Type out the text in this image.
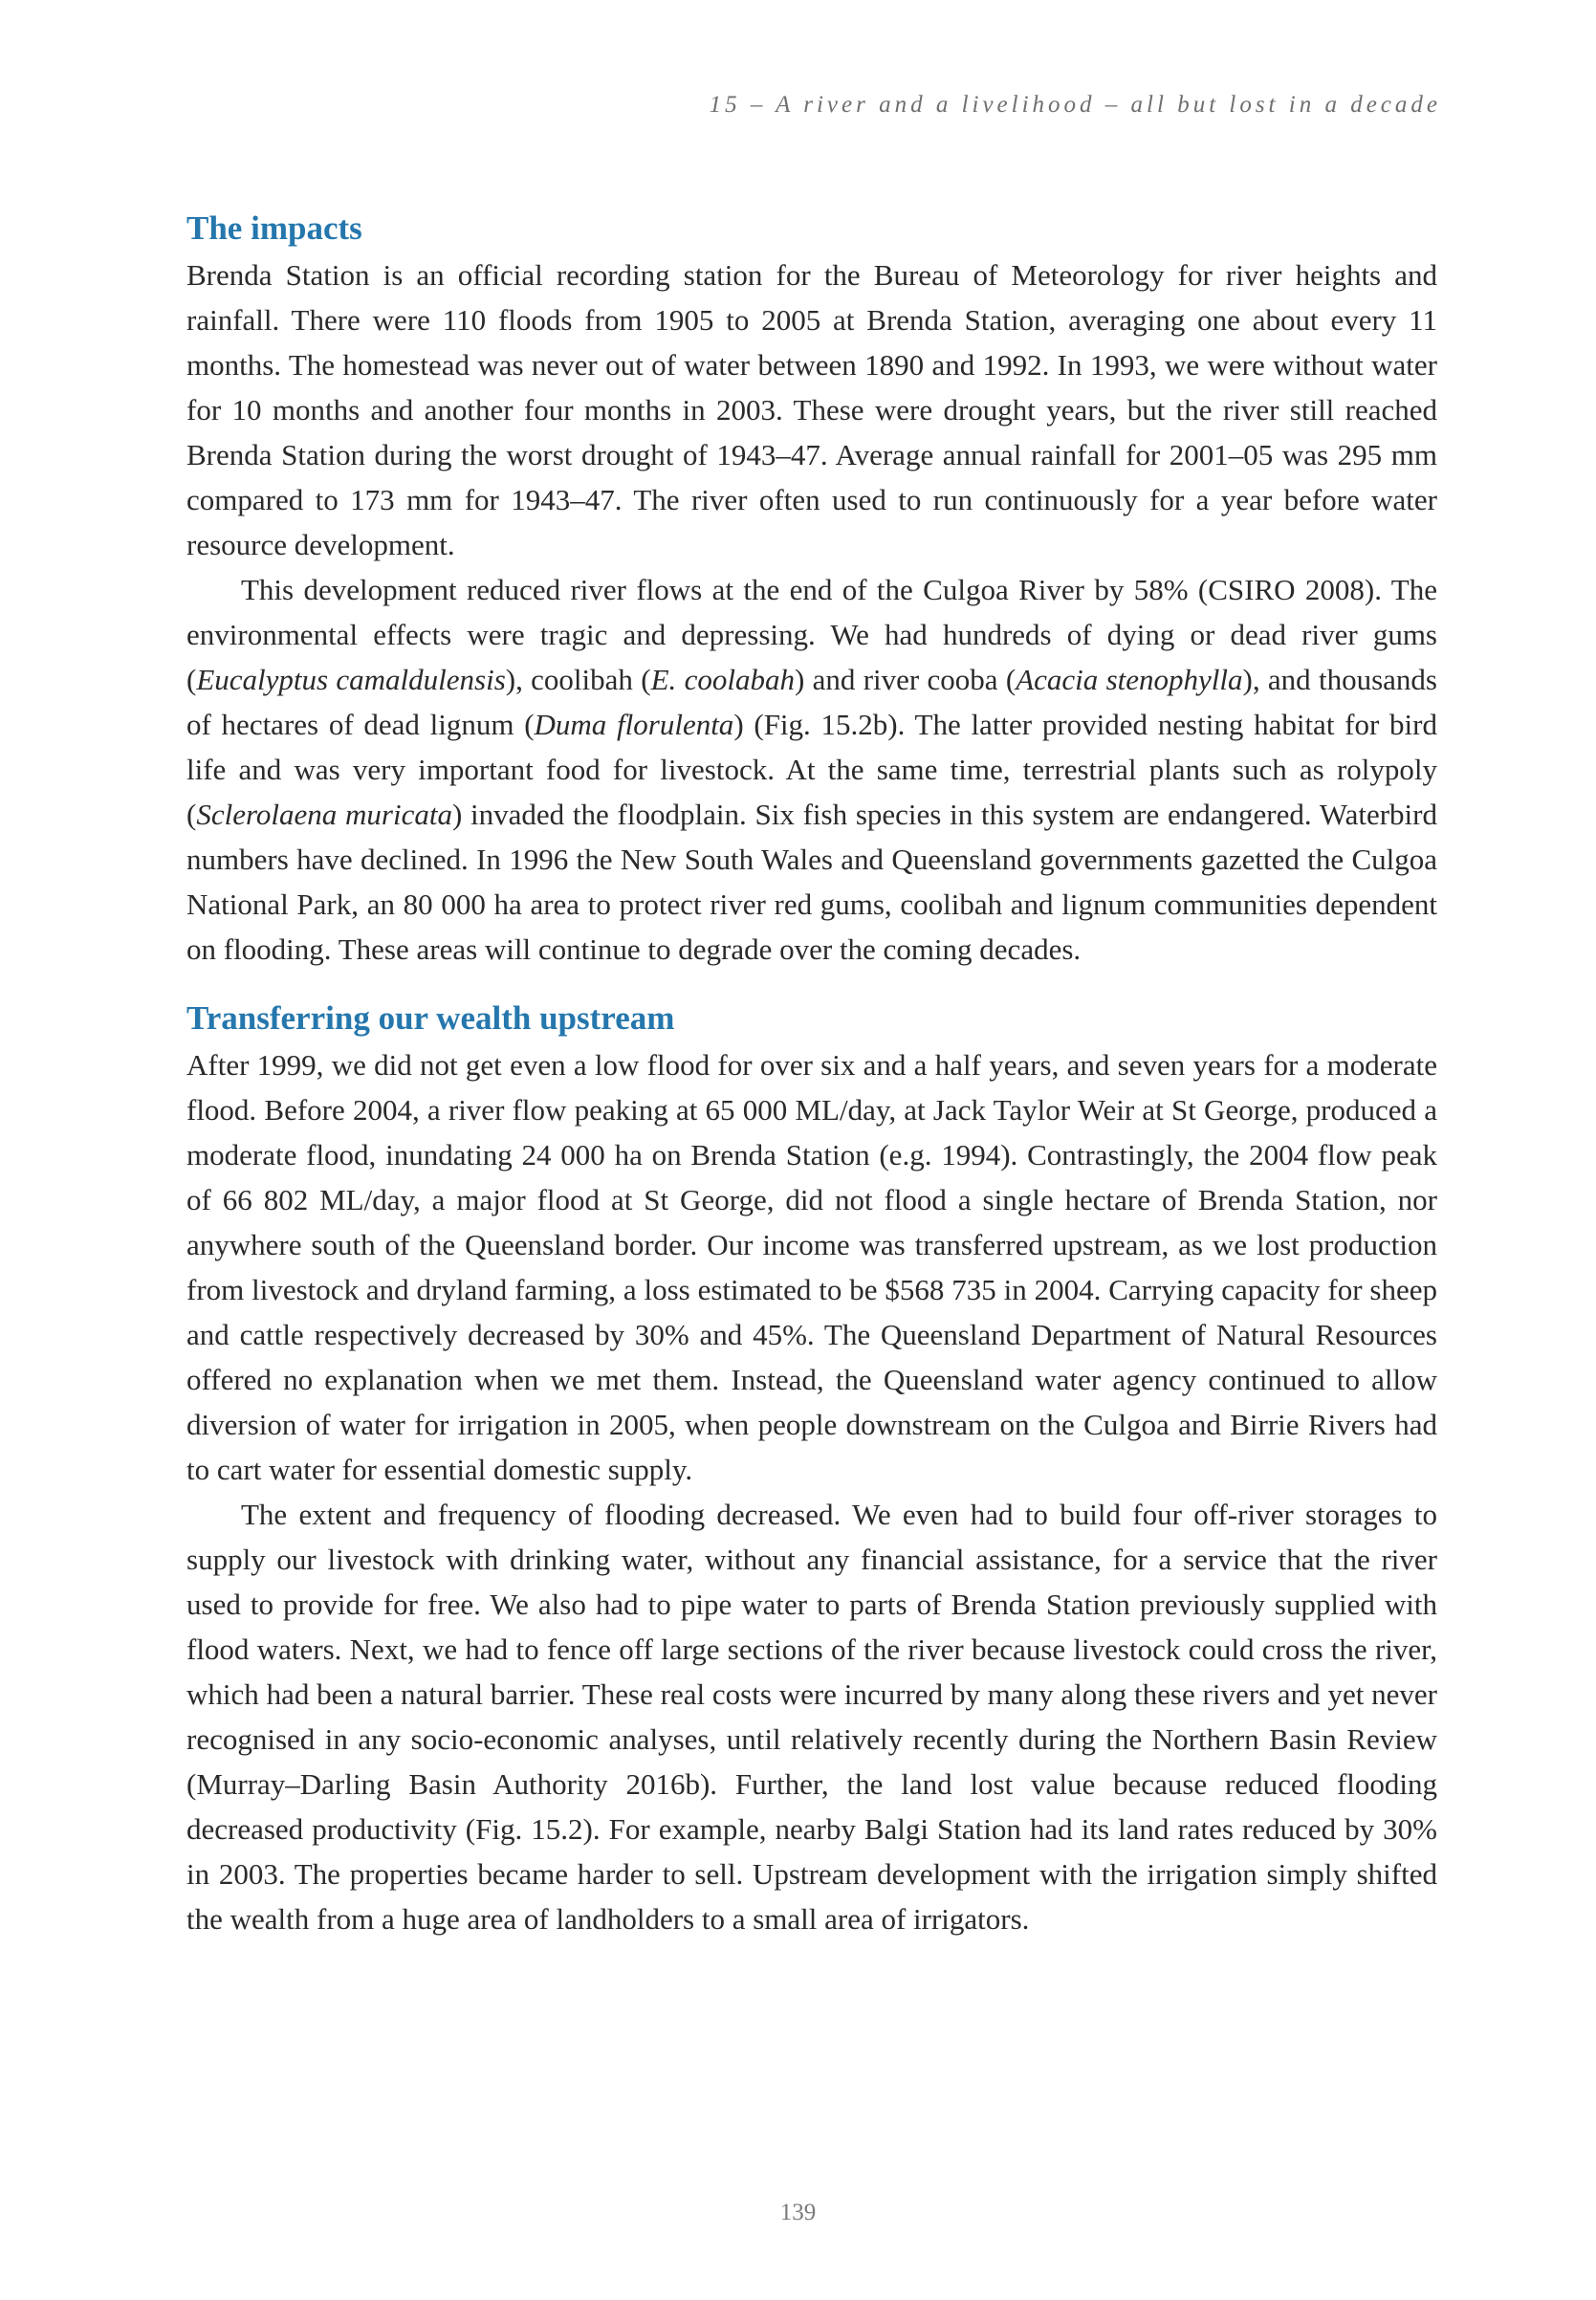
15 – A river and a livelihood – all but lost in a decade
The impacts

Brenda Station is an official recording station for the Bureau of Meteorology for river heights and rainfall. There were 110 floods from 1905 to 2005 at Brenda Station, averaging one about every 11 months. The homestead was never out of water between 1890 and 1992. In 1993, we were without water for 10 months and another four months in 2003. These were drought years, but the river still reached Brenda Station during the worst drought of 1943–47. Average annual rainfall for 2001–05 was 295 mm compared to 173 mm for 1943–47. The river often used to run continuously for a year before water resource development.

This development reduced river flows at the end of the Culgoa River by 58% (CSIRO 2008). The environmental effects were tragic and depressing. We had hundreds of dying or dead river gums (Eucalyptus camaldulensis), coolibah (E. coolabah) and river cooba (Acacia stenophylla), and thousands of hectares of dead lignum (Duma florulenta) (Fig. 15.2b). The latter provided nesting habitat for bird life and was very important food for livestock. At the same time, terrestrial plants such as rolypoly (Sclerolaena muricata) invaded the floodplain. Six fish species in this system are endangered. Waterbird numbers have declined. In 1996 the New South Wales and Queensland governments gazetted the Culgoa National Park, an 80 000 ha area to protect river red gums, coolibah and lignum communities dependent on flooding. These areas will continue to degrade over the coming decades.

Transferring our wealth upstream

After 1999, we did not get even a low flood for over six and a half years, and seven years for a moderate flood. Before 2004, a river flow peaking at 65 000 ML/day, at Jack Taylor Weir at St George, produced a moderate flood, inundating 24 000 ha on Brenda Station (e.g. 1994). Contrastingly, the 2004 flow peak of 66 802 ML/day, a major flood at St George, did not flood a single hectare of Brenda Station, nor anywhere south of the Queensland border. Our income was transferred upstream, as we lost production from livestock and dryland farming, a loss estimated to be $568 735 in 2004. Carrying capacity for sheep and cattle respectively decreased by 30% and 45%. The Queensland Department of Natural Resources offered no explanation when we met them. Instead, the Queensland water agency continued to allow diversion of water for irrigation in 2005, when people downstream on the Culgoa and Birrie Rivers had to cart water for essential domestic supply.

The extent and frequency of flooding decreased. We even had to build four off-river storages to supply our livestock with drinking water, without any financial assistance, for a service that the river used to provide for free. We also had to pipe water to parts of Brenda Station previously supplied with flood waters. Next, we had to fence off large sections of the river because livestock could cross the river, which had been a natural barrier. These real costs were incurred by many along these rivers and yet never recognised in any socio-economic analyses, until relatively recently during the Northern Basin Review (Murray–Darling Basin Authority 2016b). Further, the land lost value because reduced flooding decreased productivity (Fig. 15.2). For example, nearby Balgi Station had its land rates reduced by 30% in 2003. The properties became harder to sell. Upstream development with the irrigation simply shifted the wealth from a huge area of landholders to a small area of irrigators.

139
